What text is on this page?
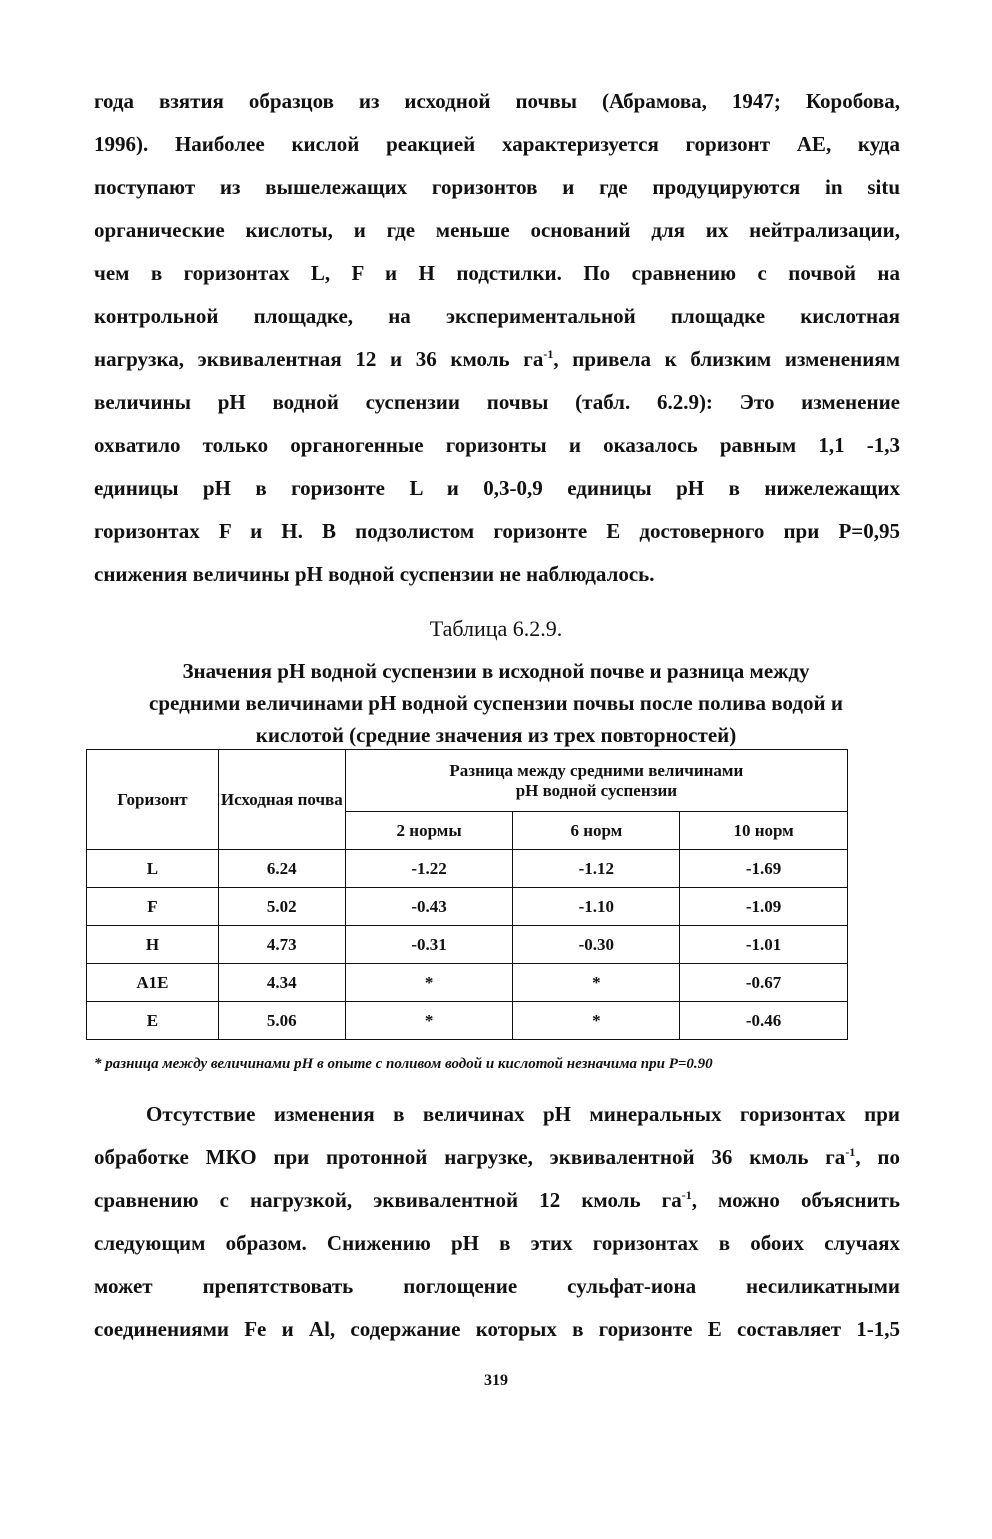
года взятия образцов из исходной почвы (Абрамова, 1947; Коробова,
1996). Наиболее кислой реакцией характеризуется горизонт АЕ, куда
поступают из вышележащих горизонтов и где продуцируются in situ
органические кислоты, и где меньше оснований для их нейтрализации,
чем в горизонтах L, F и H подстилки. По сравнению с почвой на
контрольной площадке, на экспериментальной площадке кислотная
нагрузка, эквивалентная 12 и 36 кмоль $га^{-1}$, привела к близким изменениям
величины pH водной суспензии почвы (табл. 6.2.9): Это изменение
охватило только органогенные горизонты и оказалось равным 1,1 -1,3
единицы pH в горизонте L и 0,3-0,9 единицы pH в нижележащих
горизонтах F и H. В подзолистом горизонте Е достоверного при P=0,95
снижения величины pH водной суспензии не наблюдалось.
Таблица 6.2.9.
Значения pH водной суспензии в исходной почве и разница между
средними величинами pH водной суспензии почвы после полива водой и
кислотой (средние значения из трех повторностей)
Горизонт	Исходная почва	Разница между средними величинами
pH водной суспензии		

		2 нормы	6 норм	10 норм
L	6.24	-1.22	-1.12	-1.69
F	5.02	-0.43	-1.10	-1.09
H	4.73	-0.31	-0.30	-1.01
A1E	4.34	*	*	-0.67
E	5.06	*	*	-0.46
* разница между величинами pH в опыте с поливом водой и кислотой незначима при P=0.90
Отсутствие изменения в величинах pH минеральных горизонтах при
обработке МКО при протонной нагрузке, эквивалентной 36 кмоль $га^{-1}$, по
сравнению с нагрузкой, эквивалентной 12 кмоль $га^{-1}$, можно объяснить
следующим образом. Снижению pH в этих горизонтах в обоих случаях
может препятствовать поглощение сульфат-иона несиликатными
соединениями Fe и Al, содержание которых в горизонте Е составляет 1-1,5
319
